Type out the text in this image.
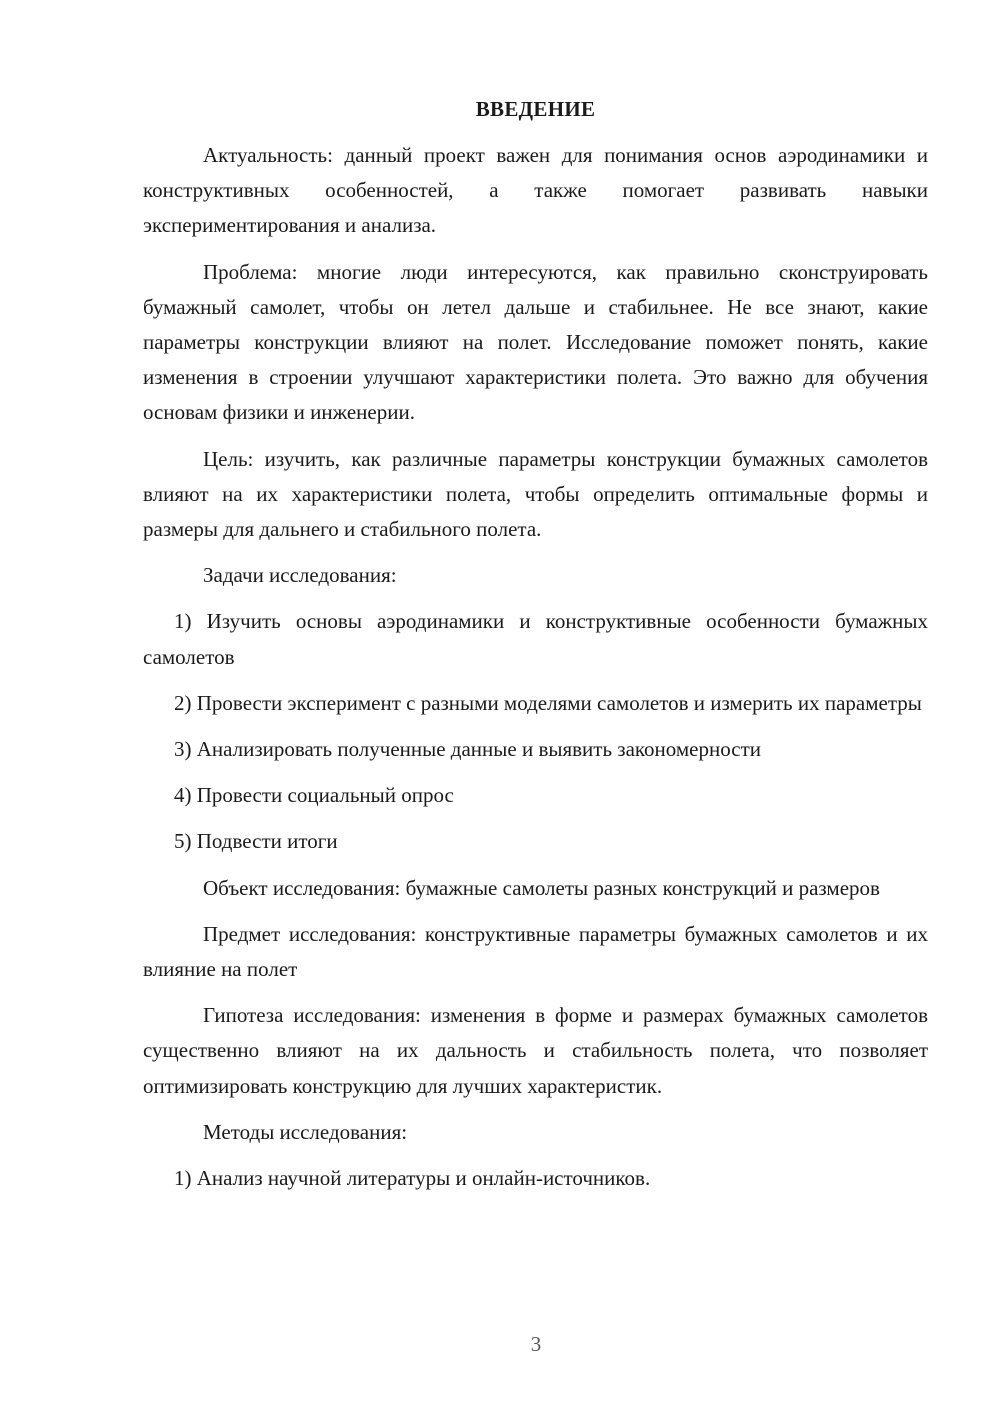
ВВЕДЕНИЕ

Актуальность: данный проект важен для понимания основ аэродинамики и конструктивных особенностей, а также помогает развивать навыки экспериментирования и анализа.

Проблема: многие люди интересуются, как правильно сконструировать бумажный самолет, чтобы он летел дальше и стабильнее. Не все знают, какие параметры конструкции влияют на полет. Исследование поможет понять, какие изменения в строении улучшают характеристики полета. Это важно для обучения основам физики и инженерии.

Цель: изучить, как различные параметры конструкции бумажных самолетов влияют на их характеристики полета, чтобы определить оптимальные формы и размеры для дальнего и стабильного полета.

Задачи исследования:

1) Изучить основы аэродинамики и конструктивные особенности бумажных самолетов

2) Провести эксперимент с разными моделями самолетов и измерить их параметры

3) Анализировать полученные данные и выявить закономерности

4) Провести социальный опрос

5) Подвести итоги

Объект исследования: бумажные самолеты разных конструкций и размеров

Предмет исследования: конструктивные параметры бумажных самолетов и их влияние на полет

Гипотеза исследования: изменения в форме и размерах бумажных самолетов существенно влияют на их дальность и стабильность полета, что позволяет оптимизировать конструкцию для лучших характеристик.

Методы исследования:

1) Анализ научной литературы и онлайн-источников.

3
